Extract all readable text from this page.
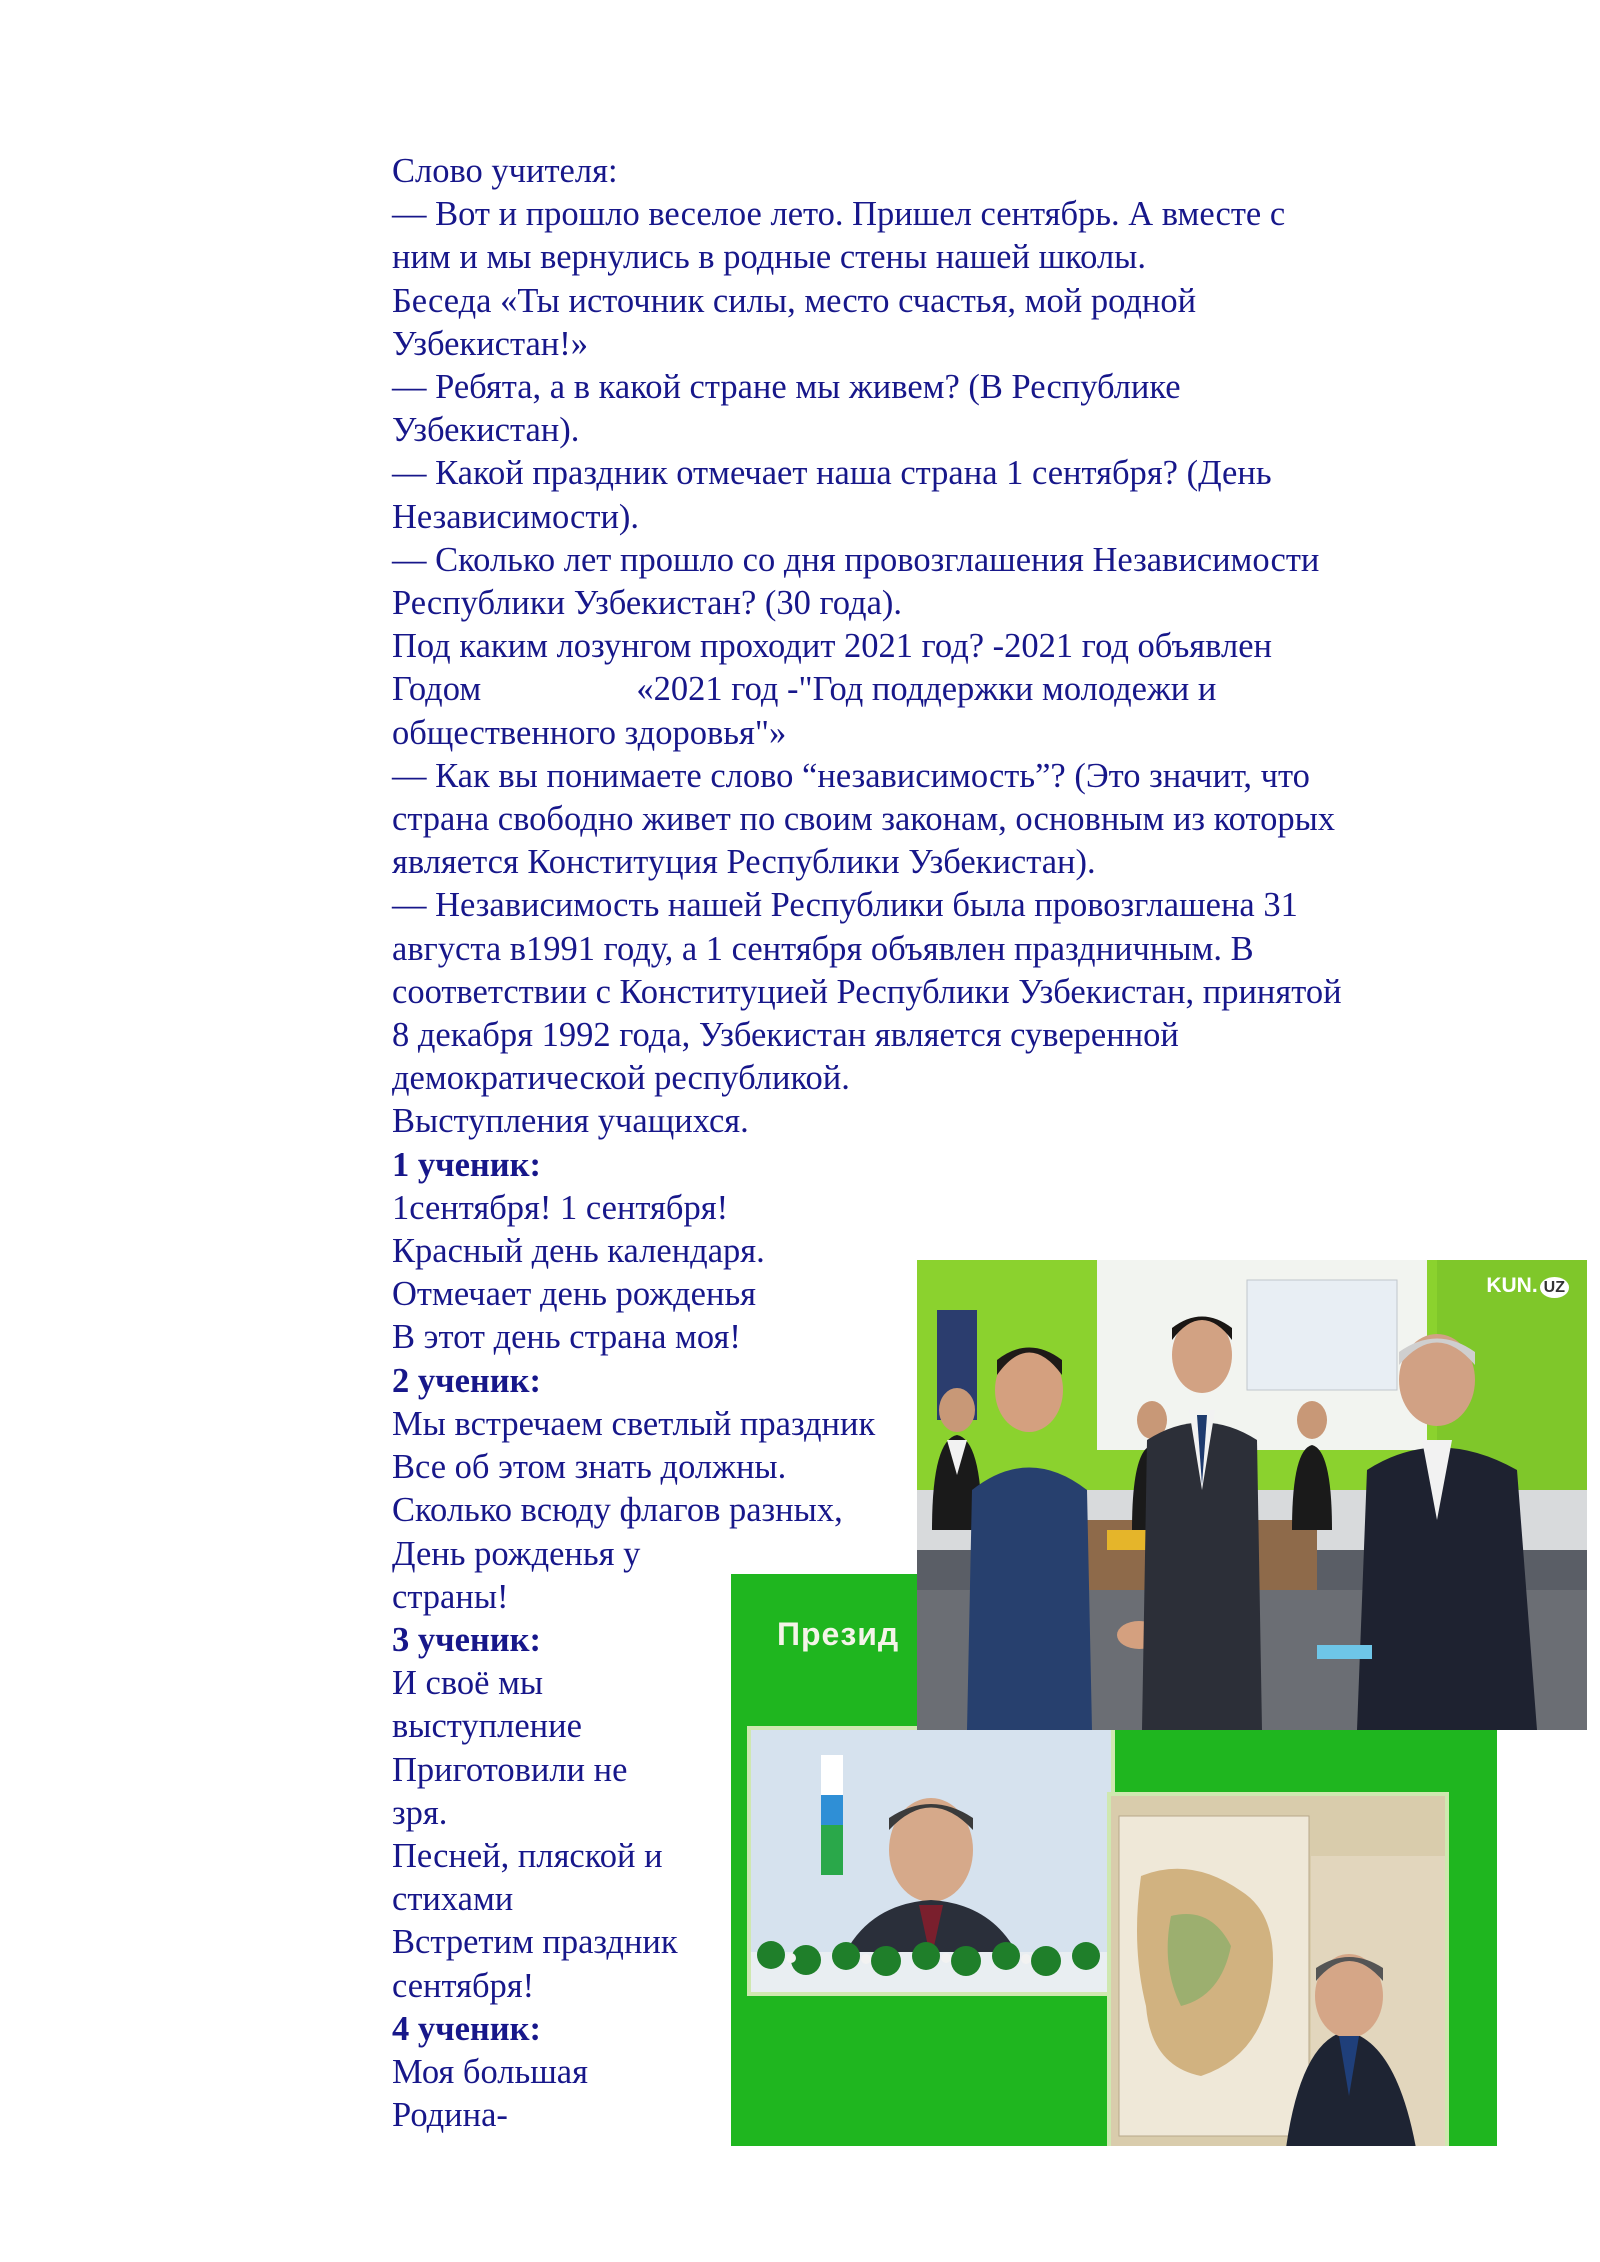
Слово учителя:
— Вот и прошло веселое лето. Пришел сентябрь. А вместе с
ним и мы вернулись в родные стены нашей школы.
Беседа «Ты источник силы, место счастья, мой родной
Узбекистан!»
— Ребята, а в какой стране мы живем? (В Республике
Узбекистан).
— Какой праздник отмечает наша страна 1 сентября? (День
Независимости).
— Сколько лет прошло со дня провозглашения Независимости
Республики Узбекистан? (30 года).
Под каким лозунгом проходит 2021 год? -2021 год объявлен
Годом                  «2021 год -"Год поддержки молодежи и
общественного здоровья"»
— Как вы понимаете слово “независимость”? (Это значит, что
страна свободно живет по своим законам, основным из которых
является Конституция Республики Узбекистан).
— Независимость нашей Республики была провозглашена 31
августа в1991 году, а 1 сентября объявлен праздничным. В
соответствии с Конституцией Республики Узбекистан, принятой
8 декабря 1992 года, Узбекистан является суверенной
демократической республикой.
Выступления учащихся.
1 ученик:
1сентября! 1 сентября!
Красный день календаря.
Отмечает день рожденья
В этот день страна моя!
2 ученик:
Мы встречаем светлый праздник
Все об этом знать должны.
Сколько всюду флагов разных,
День рожденья у
страны!
3 ученик:
И своё мы
выступление
Приготовили не
зря.
Песней, пляской и
стихами
Встретим праздник
сентября!
4 ученик:
Моя большая
Родина-
Презид
KUN. UZ
